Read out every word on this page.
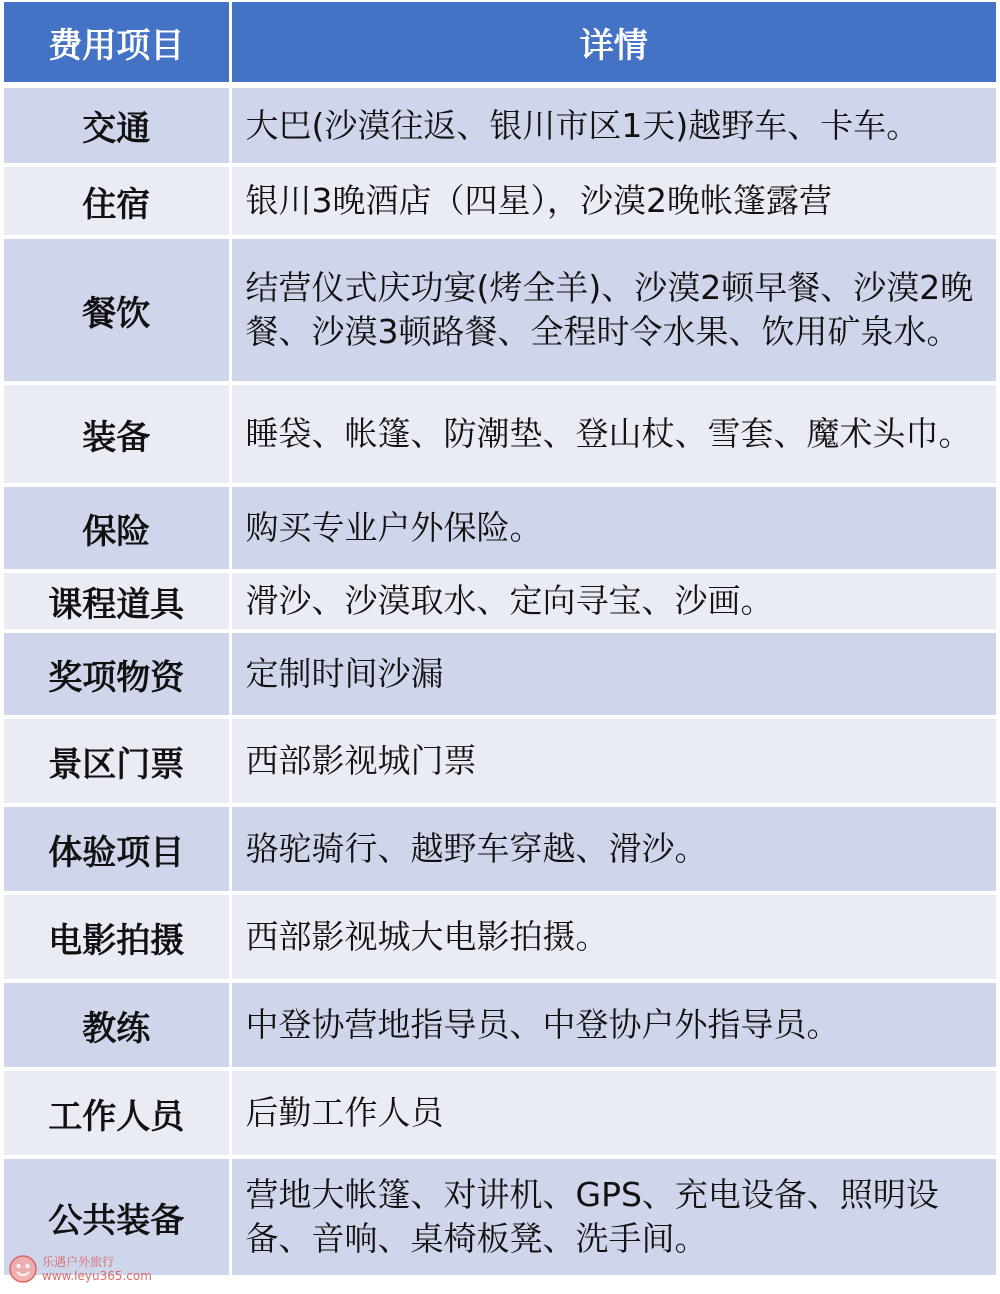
费用项目	详情
交通	大巴(沙漠往返、银川市区1天)越野车、卡车。
住宿	银川3晚酒店（四星），沙漠2晚帐篷露营
餐饮	结营仪式庆功宴(烤全羊)、沙漠2顿早餐、沙漠2晚餐、沙漠3顿路餐、全程时令水果、饮用矿泉水。
装备	睡袋、帐篷、防潮垫、登山杖、雪套、魔术头巾。
保险	购买专业户外保险。
课程道具	滑沙、沙漠取水、定向寻宝、沙画。
奖项物资	定制时间沙漏
景区门票	西部影视城门票
体验项目	骆驼骑行、越野车穿越、滑沙。
电影拍摄	西部影视城大电影拍摄。
教练	中登协营地指导员、中登协户外指导员。
工作人员	后勤工作人员
公共装备	营地大帐篷、对讲机、GPS、充电设备、照明设备、音响、桌椅板凳、洗手间。
乐遇户外旅行
www.leyu365.com
